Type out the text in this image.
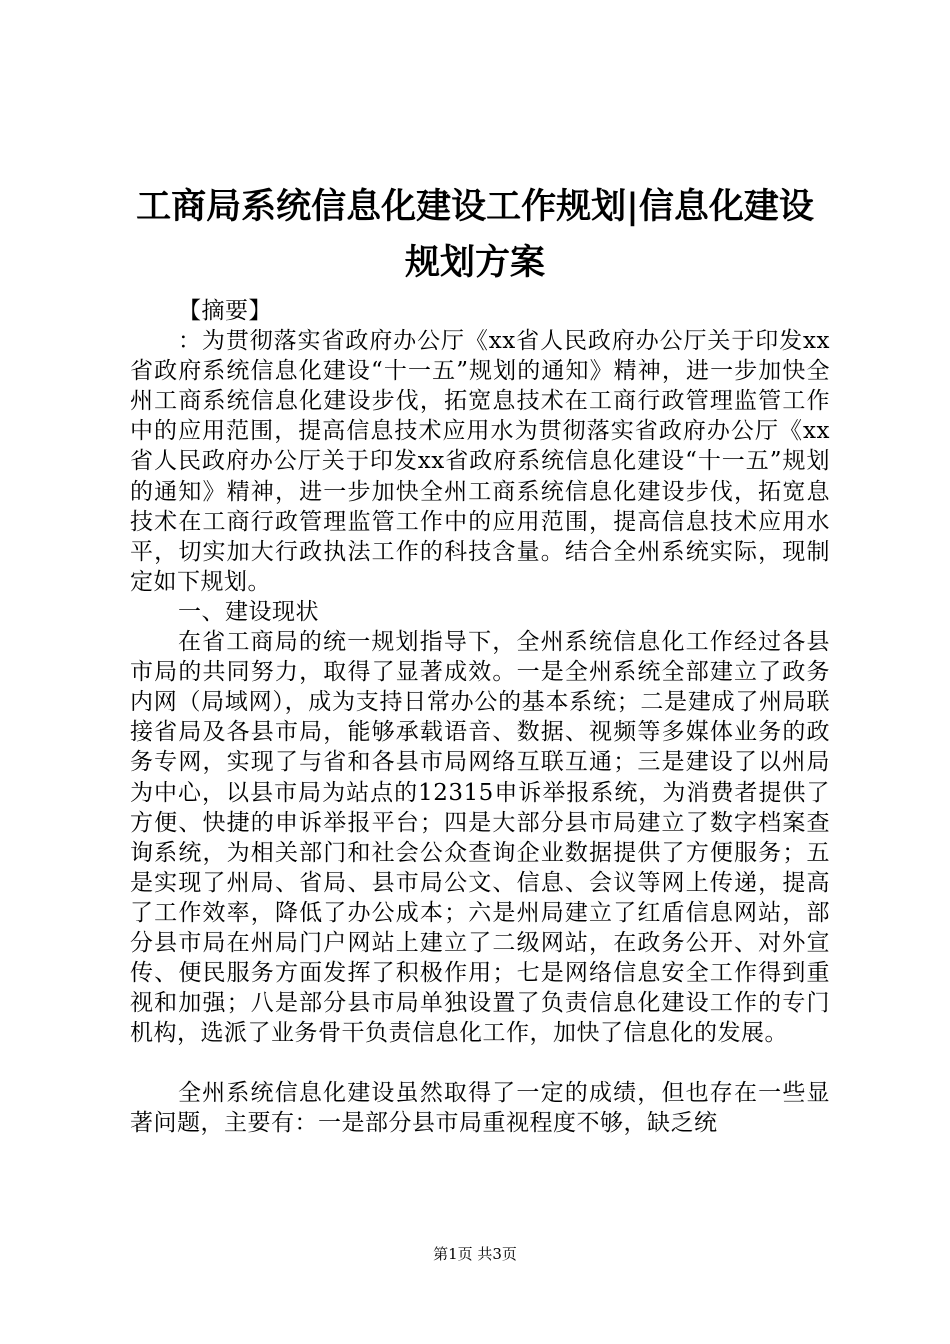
工商局系统信息化建设工作规划|信息化建设
规划方案

【摘要】

：为贯彻落实省政府办公厅《xx省人民政府办公厅关于印发xx省政府系统信息化建设“十一五”规划的通知》精神，进一步加快全州工商系统信息化建设步伐，拓宽息技术在工商行政管理监管工作中的应用范围，提高信息技术应用水为贯彻落实省政府办公厅《xx省人民政府办公厅关于印发xx省政府系统信息化建设“十一五”规划的通知》精神，进一步加快全州工商系统信息化建设步伐，拓宽息技术在工商行政管理监管工作中的应用范围，提高信息技术应用水平，切实加大行政执法工作的科技含量。结合全州系统实际，现制定如下规划。

一、建设现状

在省工商局的统一规划指导下，全州系统信息化工作经过各县市局的共同努力，取得了显著成效。一是全州系统全部建立了政务内网（局域网），成为支持日常办公的基本系统；二是建成了州局联接省局及各县市局，能够承载语音、数据、视频等多媒体业务的政务专网，实现了与省和各县市局网络互联互通；三是建设了以州局为中心，以县市局为站点的12315申诉举报系统，为消费者提供了方便、快捷的申诉举报平台；四是大部分县市局建立了数字档案查询系统，为相关部门和社会公众查询企业数据提供了方便服务；五是实现了州局、省局、县市局公文、信息、会议等网上传递，提高了工作效率，降低了办公成本；六是州局建立了红盾信息网站，部分县市局在州局门户网站上建立了二级网站，在政务公开、对外宣传、便民服务方面发挥了积极作用；七是网络信息安全工作得到重视和加强；八是部分县市局单独设置了负责信息化建设工作的专门机构，选派了业务骨干负责信息化工作，加快了信息化的发展。

全州系统信息化建设虽然取得了一定的成绩，但也存在一些显著问题，主要有：一是部分县市局重视程度不够，缺乏统

第1页 共3页
